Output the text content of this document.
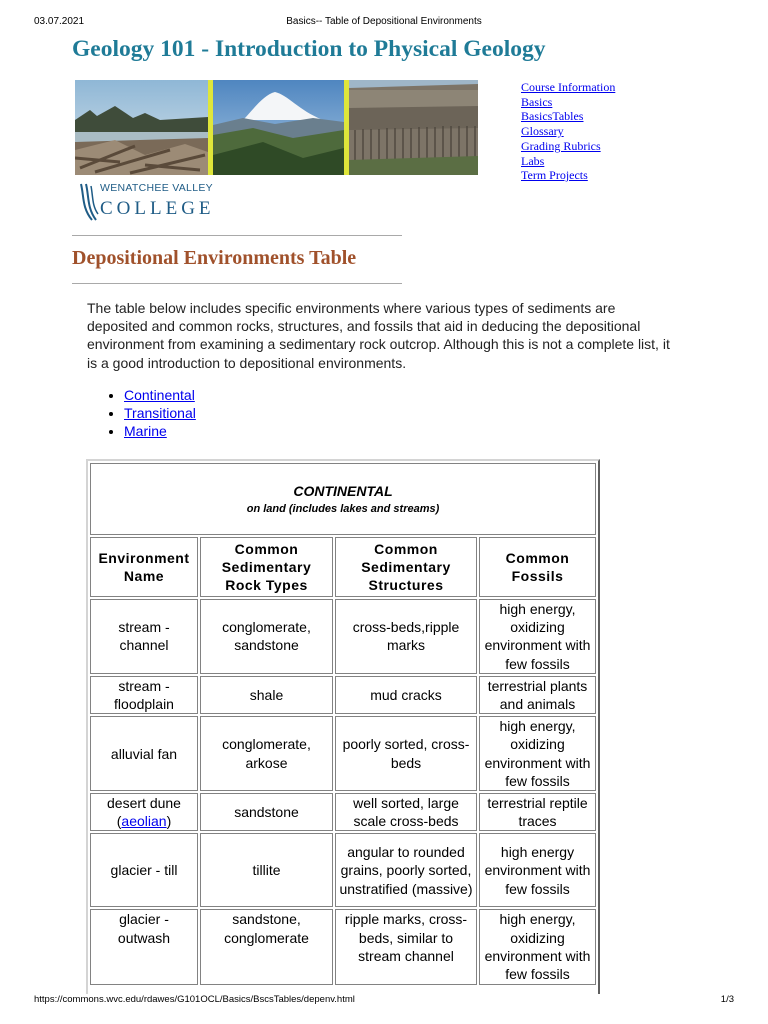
03.07.2021	Basics-- Table of Depositional Environments
Geology 101 - Introduction to Physical Geology
Course Information
Basics
BasicsTables
Glossary
Grading Rubrics
Labs
Term Projects
WENATCHEE VALLEY
COLLEGE
Depositional Environments Table

The table below includes specific environments where various types of sediments are deposited and common rocks, structures, and fossils that aid in deducing the depositional environment from examining a sedimentary rock outcrop. Although this is not a complete list, it is a good introduction to depositional environments.

• Continental
• Transitional
• Marine
CONTINENTAL
on land (includes lakes and streams)			

Environment Name	Common Sedimentary Rock Types	Common Sedimentary Structures	Common Fossils
stream - channel	conglomerate, sandstone	cross-beds,ripple marks	high energy, oxidizing environment with few fossils
stream - floodplain	shale	mud cracks	terrestrial plants and animals
alluvial fan	conglomerate, arkose	poorly sorted, cross-beds	high energy, oxidizing environment with few fossils
desert dune (aeolian)	sandstone	well sorted, large scale cross-beds	terrestrial reptile traces
glacier - till	tillite	angular to rounded grains, poorly sorted, unstratified (massive)	high energy environment with few fossils
glacier - outwash	sandstone, conglomerate	ripple marks, cross-beds, similar to stream channel	high energy, oxidizing environment with few fossils
https://commons.wvc.edu/rdawes/G101OCL/Basics/BscsTables/depenv.html	1/3
